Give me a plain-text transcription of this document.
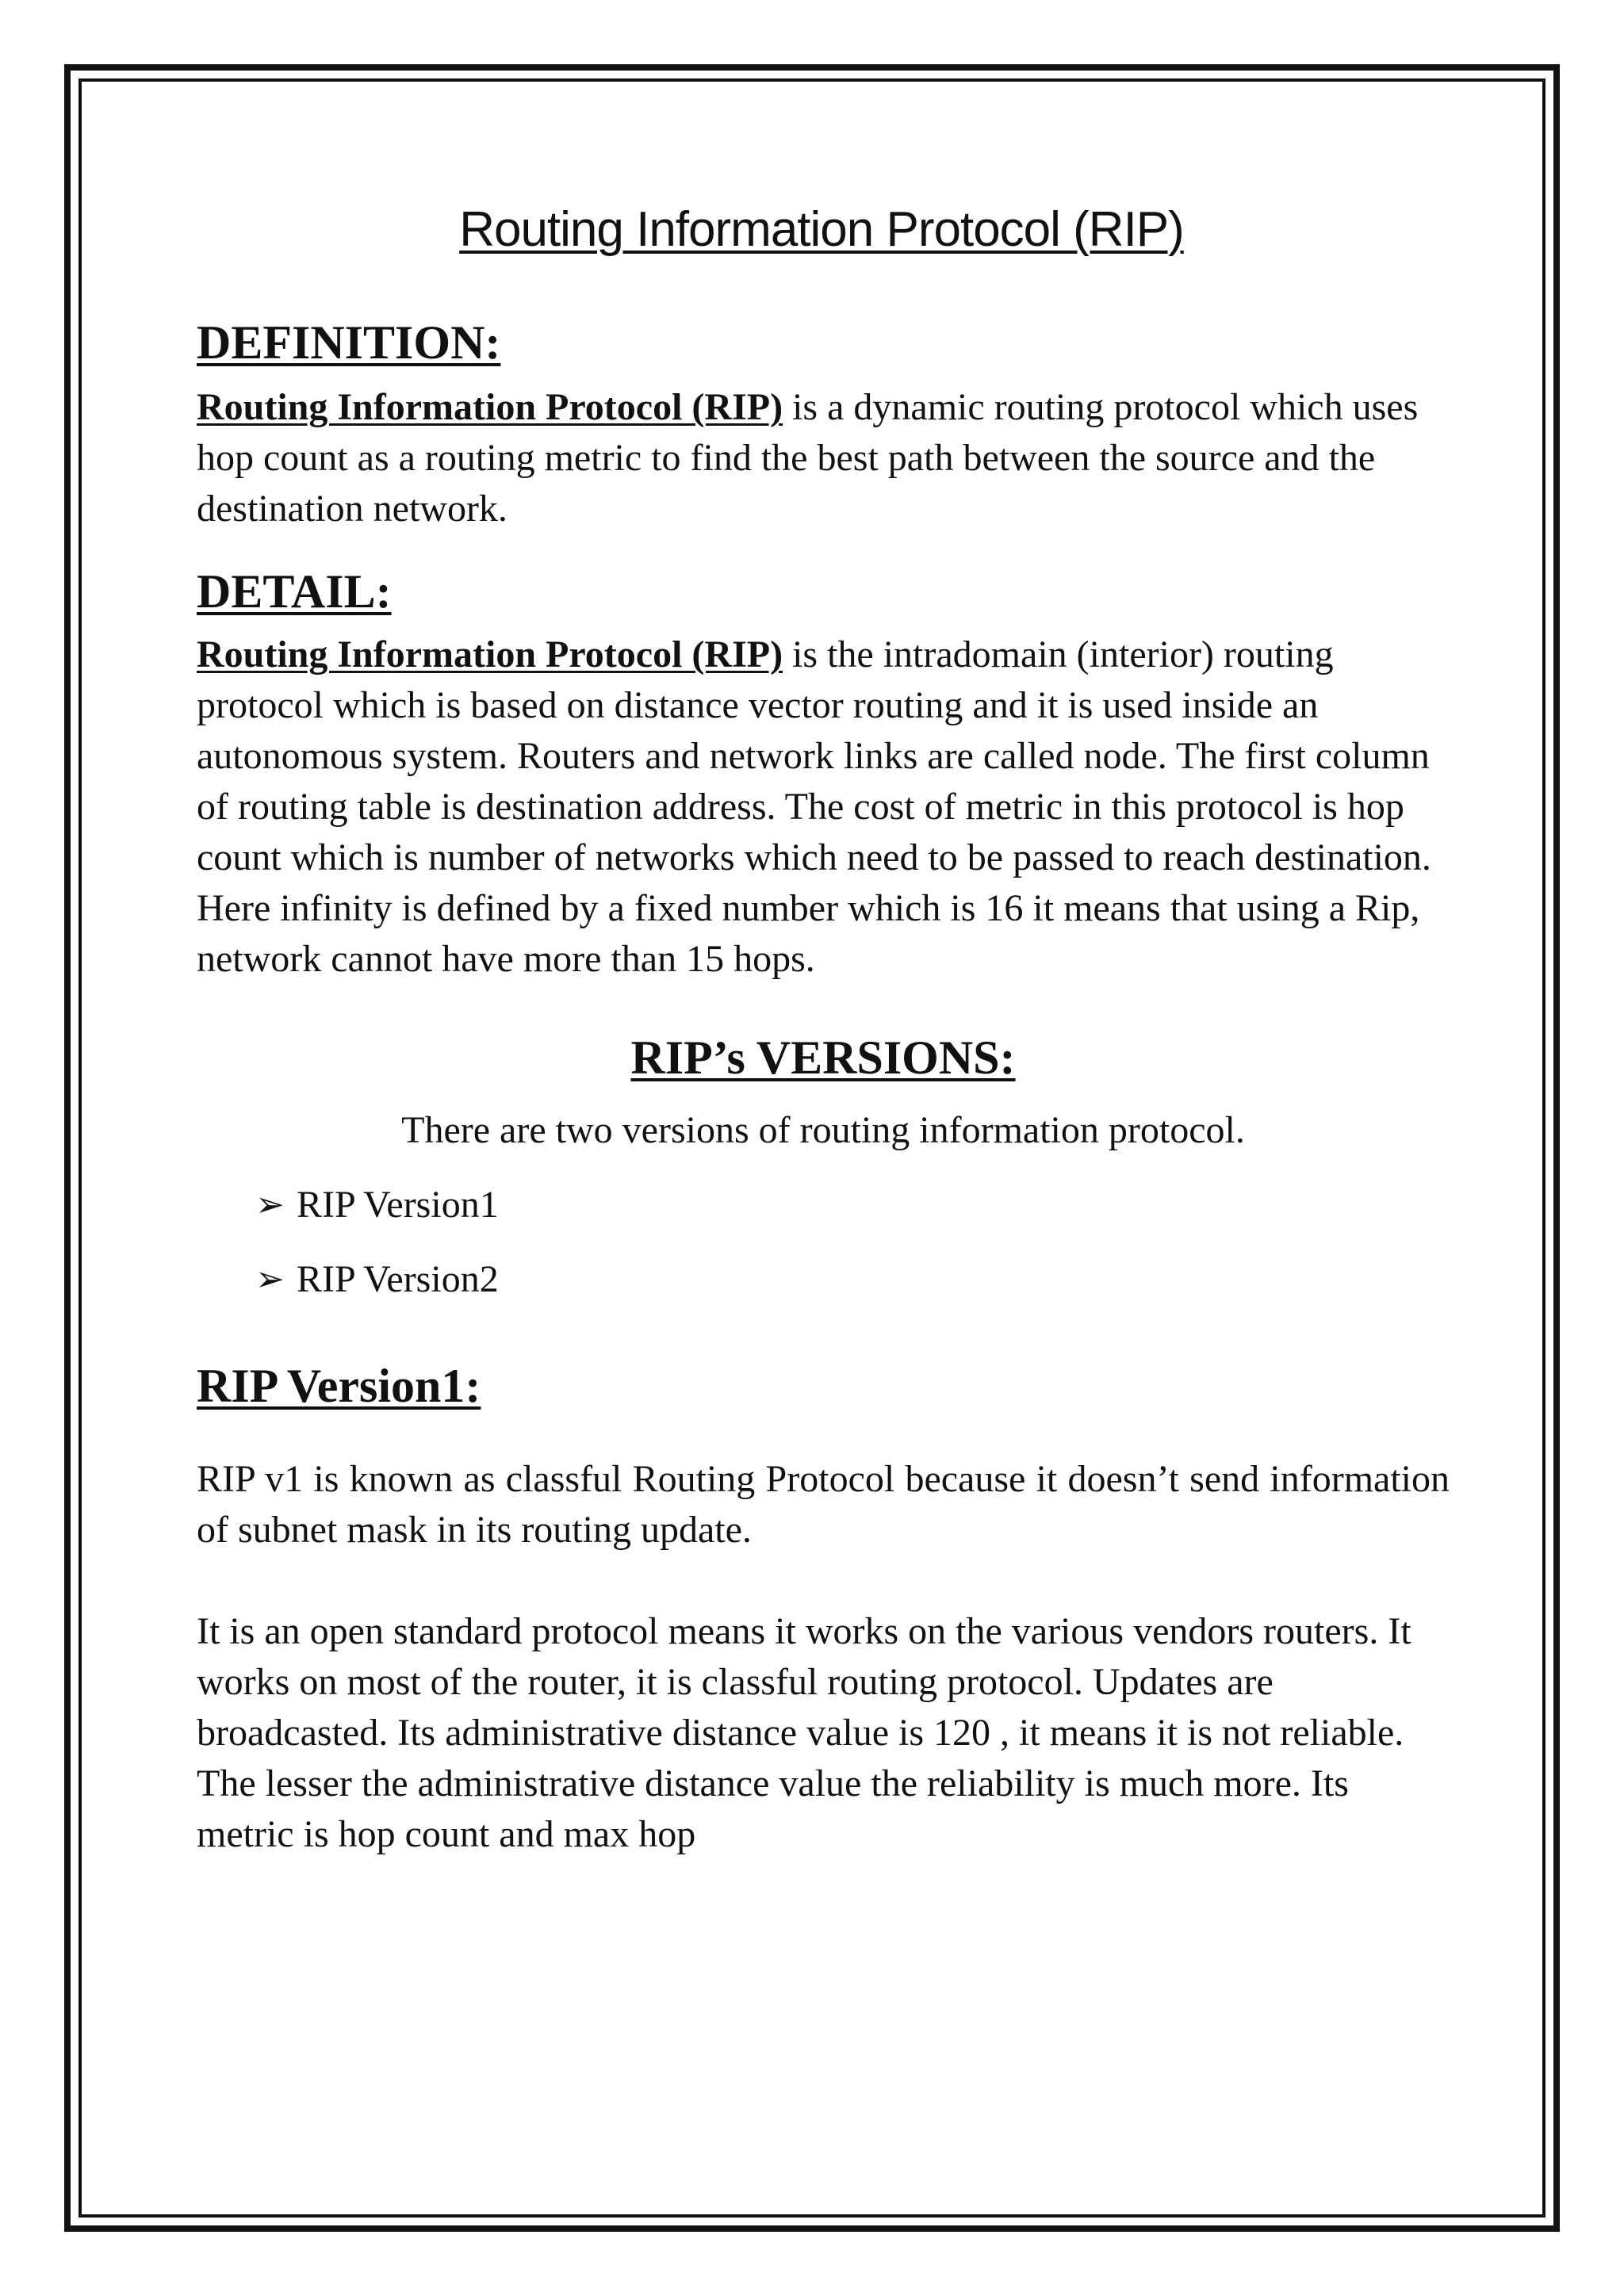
Routing Information Protocol (RIP)
DEFINITION:

Routing Information Protocol (RIP) is a dynamic routing protocol which uses hop count as a routing metric to find the best path between the source and the destination network.

DETAIL:

Routing Information Protocol (RIP) is the intradomain (interior) routing protocol which is based on distance vector routing and it is used inside an autonomous system. Routers and network links are called node. The first column of routing table is destination address. The cost of metric in this protocol is hop count which is number of networks which need to be passed to reach destination. Here infinity is defined by a fixed number which is 16 it means that using a Rip, network cannot have more than 15 hops.

RIP’s VERSIONS:

There are two versions of routing information protocol.

➢ RIP Version1
➢ RIP Version2
RIP Version1:

RIP v1 is known as classful Routing Protocol because it doesn’t send information of subnet mask in its routing update.

It is an open standard protocol means it works on the various vendors routers. It works on most of the router, it is classful routing protocol. Updates are broadcasted. Its administrative distance value is 120 , it means it is not reliable. The lesser the administrative distance value the reliability is much more. Its metric is hop count and max hop
